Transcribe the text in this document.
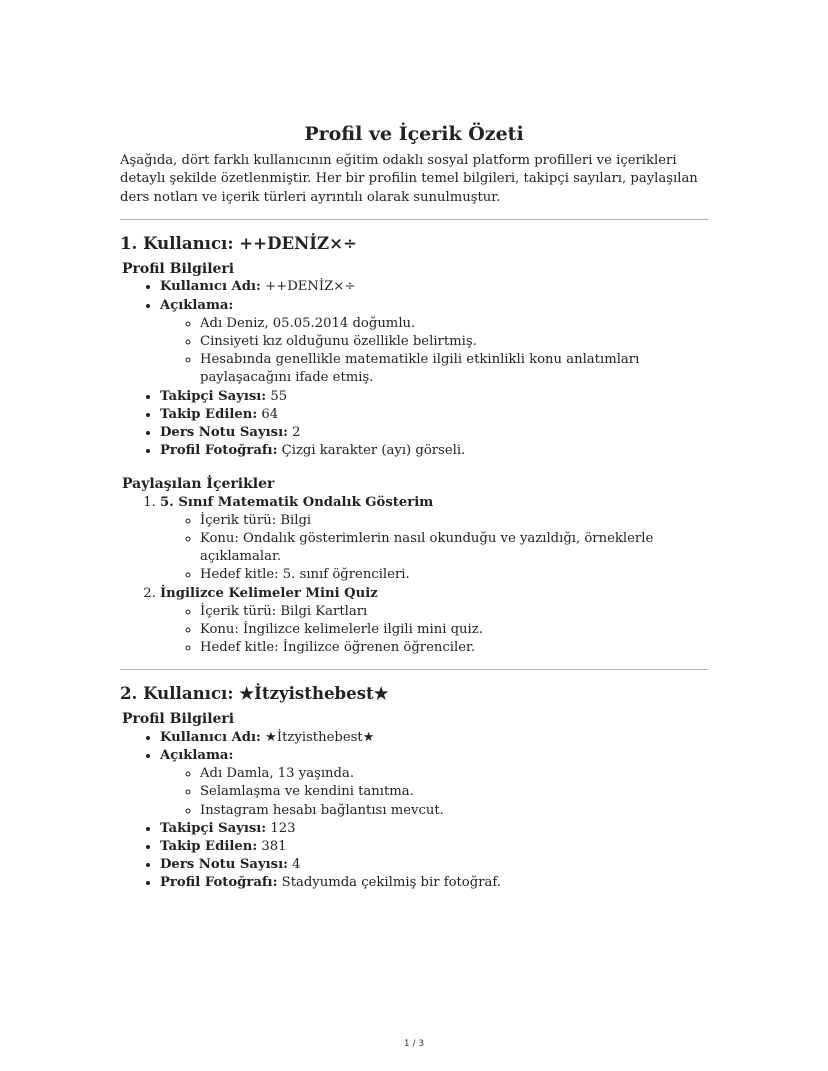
Profil ve İçerik Özeti

Aşağıda, dört farklı kullanıcının eğitim odaklı sosyal platform profilleri ve içerikleri detaylı şekilde özetlenmiştir. Her bir profilin temel bilgileri, takipçi sayıları, paylaşılan ders notları ve içerik türleri ayrıntılı olarak sunulmuştur.

1. Kullanıcı: ++DENİZ×÷
Profil Bilgileri
• Kullanıcı Adı: ++DENİZ×÷
• Açıklama:
◦ Adı Deniz, 05.05.2014 doğumlu.
◦ Cinsiyeti kız olduğunu özellikle belirtmiş.
◦ Hesabında genellikle matematikle ilgili etkinlikli konu anlatımları paylaşacağını ifade etmiş.
• Takipçi Sayısı: 55
• Takip Edilen: 64
• Ders Notu Sayısı: 2
• Profil Fotoğrafı: Çizgi karakter (ayı) görseli.
Paylaşılan İçerikler
1. 5. Sınıf Matematik Ondalık Gösterim
◦ İçerik türü: Bilgi
◦ Konu: Ondalık gösterimlerin nasıl okunduğu ve yazıldığı, örneklerle açıklamalar.
◦ Hedef kitle: 5. sınıf öğrencileri.
2. İngilizce Kelimeler Mini Quiz
◦ İçerik türü: Bilgi Kartları
◦ Konu: İngilizce kelimelerle ilgili mini quiz.
◦ Hedef kitle: İngilizce öğrenen öğrenciler.
2. Kullanıcı: ★İtzyisthebest★
Profil Bilgileri
• Kullanıcı Adı: ★İtzyisthebest★
• Açıklama:
◦ Adı Damla, 13 yaşında.
◦ Selamlaşma ve kendini tanıtma.
◦ Instagram hesabı bağlantısı mevcut.
• Takipçi Sayısı: 123
• Takip Edilen: 381
• Ders Notu Sayısı: 4
• Profil Fotoğrafı: Stadyumda çekilmiş bir fotoğraf.
1 / 3
